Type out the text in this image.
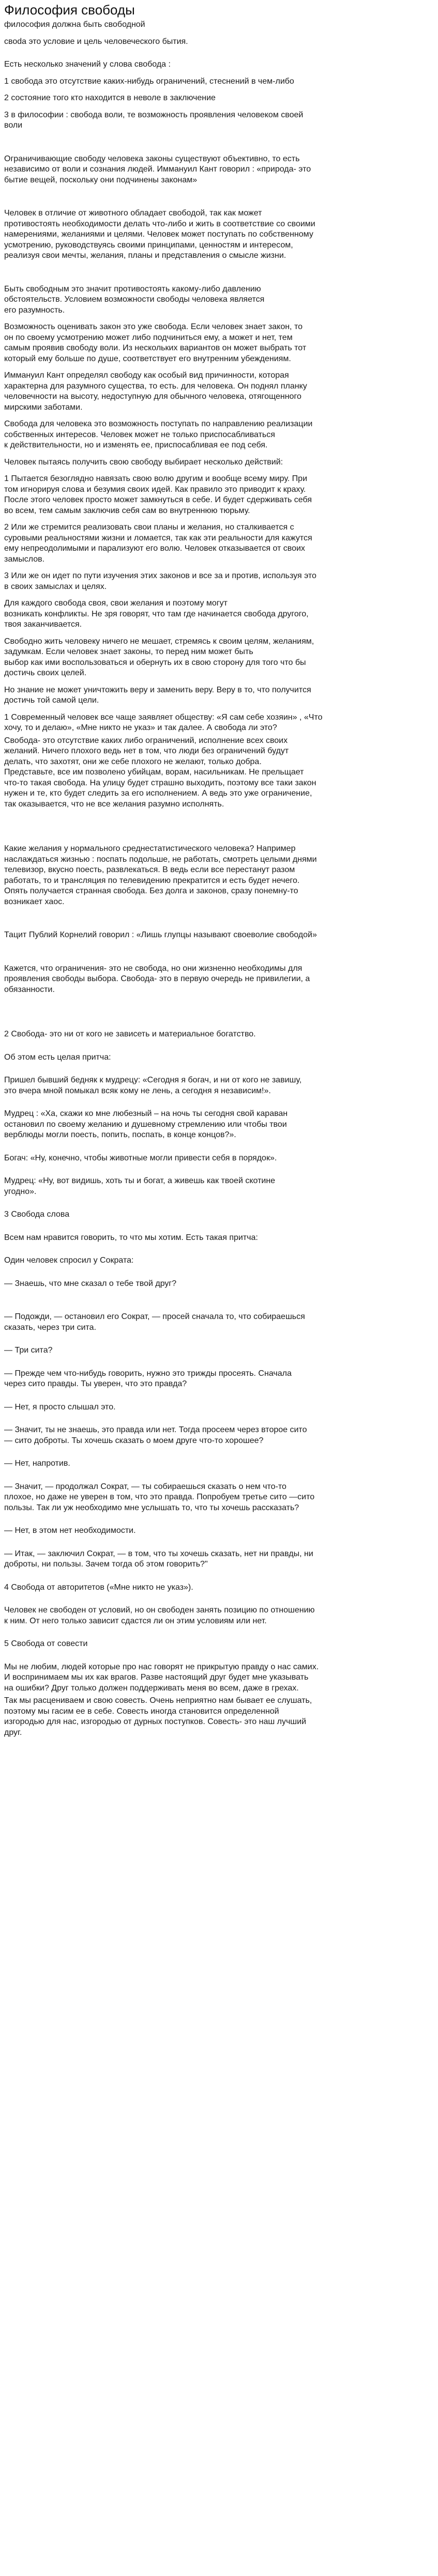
Философия свободы

философия должна быть свободной

своda это условие и цель человеческого бытия.

Есть несколько значений у слова свобода :

1 свобода это отсутствие каких-нибудь ограничений, стеснений в чем-либо

2 состояние того кто находится в неволе в заключение

3 в философии : свобода воли, те возможность проявления человеком своей
воли

Ограничивающие свободу человека законы существуют объективно, то есть
независимо от воли и сознания людей. Иммануил Кант говорил : «природа- это
бытие вещей, поскольку они подчинены законам»

Человек в отличие от животного обладает свободой, так как может
противостоять необходимости делать что-либо и жить в соответствие со своими
намерениями, желаниями и целями. Человек может поступать по собственному
усмотрению, руководствуясь своими принципами, ценностям и интересом,
реализуя свои мечты, желания, планы и представления о смысле жизни.

Быть свободным это значит противостоять какому-либо давлению
обстоятельств. Условием возможности свободы человека является
его разумность.

Возможность оценивать закон это уже свобода. Если человек знает закон, то
он по своему усмотрению может либо подчиниться ему, а может и нет, тем
самым проявив свободу воли. Из нескольких вариантов он может выбрать тот
который ему больше по душе, соответствует его внутренним убеждениям.

Иммануил Кант определял свободу как особый вид причинности, которая
характерна для разумного существа, то есть. для человека. Он поднял планку
человечности на высоту, недоступную для обычного человека, отягощенного
мирскими заботами.

Свобода для человека это возможность поступать по направлению реализации
собственных интересов. Человек может не только приспосабливаться
к действительности, но и изменять ее, приспосабливая ее под себя.

Человек пытаясь получить свою свободу выбирает несколько действий:

1 Пытается безоглядно навязать свою волю другим и вообще всему миру. При
том игнорируя слова и безумия своих идей. Как правило это приводит к краху.
После этого человек просто может замкнуться в себе. И будет сдерживать себя
во всем, тем самым заключив себя сам во внутреннюю тюрьму.

2 Или же стремится реализовать свои планы и желания, но сталкивается с
суровыми реальностями жизни и ломается, так как эти реальности для кажутся
ему непреодолимыми и парализуют его волю. Человек отказывается от своих
замыслов.

3 Или же он идет по пути изучения этих законов и все за и против, используя это
в своих замыслах и целях.

Для каждого свобода своя, свои желания и поэтому могут
возникать конфликты. Не зря говорят, что там где начинается свобода другого,
твоя заканчивается.

Свободно жить человеку ничего не мешает, стремясь к своим целям, желаниям,
задумкам. Если человек знает законы, то перед ним может быть
выбор как ими воспользоваться и обернуть их в свою сторону для того что бы
достичь своих целей.

Но знание не может уничтожить веру и заменить веру. Веру в то, что получится
достичь той самой цели.

1 Современный человек все чаще заявляет обществу: «Я сам себе хозяин» , «Что
хочу, то и делаю», «Мне никто не указ» и так далее. А свобода ли это?

Свобода- это отсутствие каких либо ограничений, исполнение всех своих
желаний. Ничего плохого ведь нет в том, что люди без ограничений будут
делать, что захотят, они же себе плохого не желают, только добра.
Представьте, все им позволено убийцам, ворам, насильникам. Не прельщает
что-то такая свобода. На улицу будет страшно выходить, поэтому все таки закон
нужен и те, кто будет следить за его исполнением. А ведь это уже ограничение,
так оказывается, что не все желания разумно исполнять.

Какие желания у нормального среднестатистического человека? Например
наслаждаться жизнью : поспать подольше, не работать, смотреть целыми днями
телевизор, вкусно поесть, развлекаться. В ведь если все перестанут разом
работать, то и трансляция по телевидению прекратится и есть будет нечего.
Опять получается странная свобода. Без долга и законов, сразу понемну-то
возникает хаос.

Тацит Публий Корнелий говорил : «Лишь глупцы называют своеволие свободой»

Кажется, что ограничения- это не свобода, но они жизненно необходимы для
проявления свободы выбора. Свобода- это в первую очередь не привилегии, а
обязанности.

2 Свобода- это ни от кого не зависеть и материальное богатство.

Об этом есть целая притча:

Пришел бывший бедняк к мудрецу: «Сегодня я богач, и ни от кого не завишу,
это вчера мной помыкал всяк кому не лень, а сегодня я независим!».

Мудрец : «Ха, скажи ко мне любезный – на ночь ты сегодня свой караван
остановил по своему желанию и душевному стремлению или чтобы твои
верблюды могли поесть, попить, поспать, в конце концов?».

Богач: «Ну, конечно, чтобы животные могли привести себя в порядок».

Мудрец: «Ну, вот видишь, хоть ты и богат, а живешь как твоей скотине
угодно».

3 Свобода слова

Всем нам нравится говорить, то что мы хотим. Есть такая притча:

Один человек спросил у Сократа:

— Знаешь, что мне сказал о тебе твой друг?

— Подожди, — остановил его Сократ, — просей сначала то, что собираешься
сказать, через три сита.

— Три сита?

— Прежде чем что-нибудь говорить, нужно это трижды просеять. Сначала
через сито правды. Ты уверен, что это правда?

— Нет, я просто слышал это.

— Значит, ты не знаешь, это правда или нет. Тогда просеем через второе сито
— сито доброты. Ты хочешь сказать о моем друге что-то хорошее?

— Нет, напротив.

— Значит, — продолжал Сократ, — ты собираешься сказать о нем что-то
плохое, но даже не уверен в том, что это правда. Попробуем третье сито —сито
пользы. Так ли уж необходимо мне услышать то, что ты хочешь рассказать?

— Нет, в этом нет необходимости.

— Итак, — заключил Сократ, — в том, что ты хочешь сказать, нет ни правды, ни
доброты, ни пользы. Зачем тогда об этом говорить?"

4 Свобода от авторитетов («Мне никто не указ»).

Человек не свободен от условий, но он свободен занять позицию по отношению
к ним. От него только зависит сдастся ли он этим условиям или нет.

5 Свобода от совести

Мы не любим, людей которые про нас говорят не прикрытую правду о нас самих.
И воспринимаем мы их как врагов. Разве настоящий друг будет мне указывать
на ошибки? Друг только должен поддерживать меня во всем, даже в грехах.

Так мы расцениваем и свою совесть. Очень неприятно нам бывает ее слушать,
поэтому мы гасим ее в себе. Совесть иногда становится определенной
изгородью для нас, изгородью от дурных поступков. Совесть- это наш лучший
друг.
